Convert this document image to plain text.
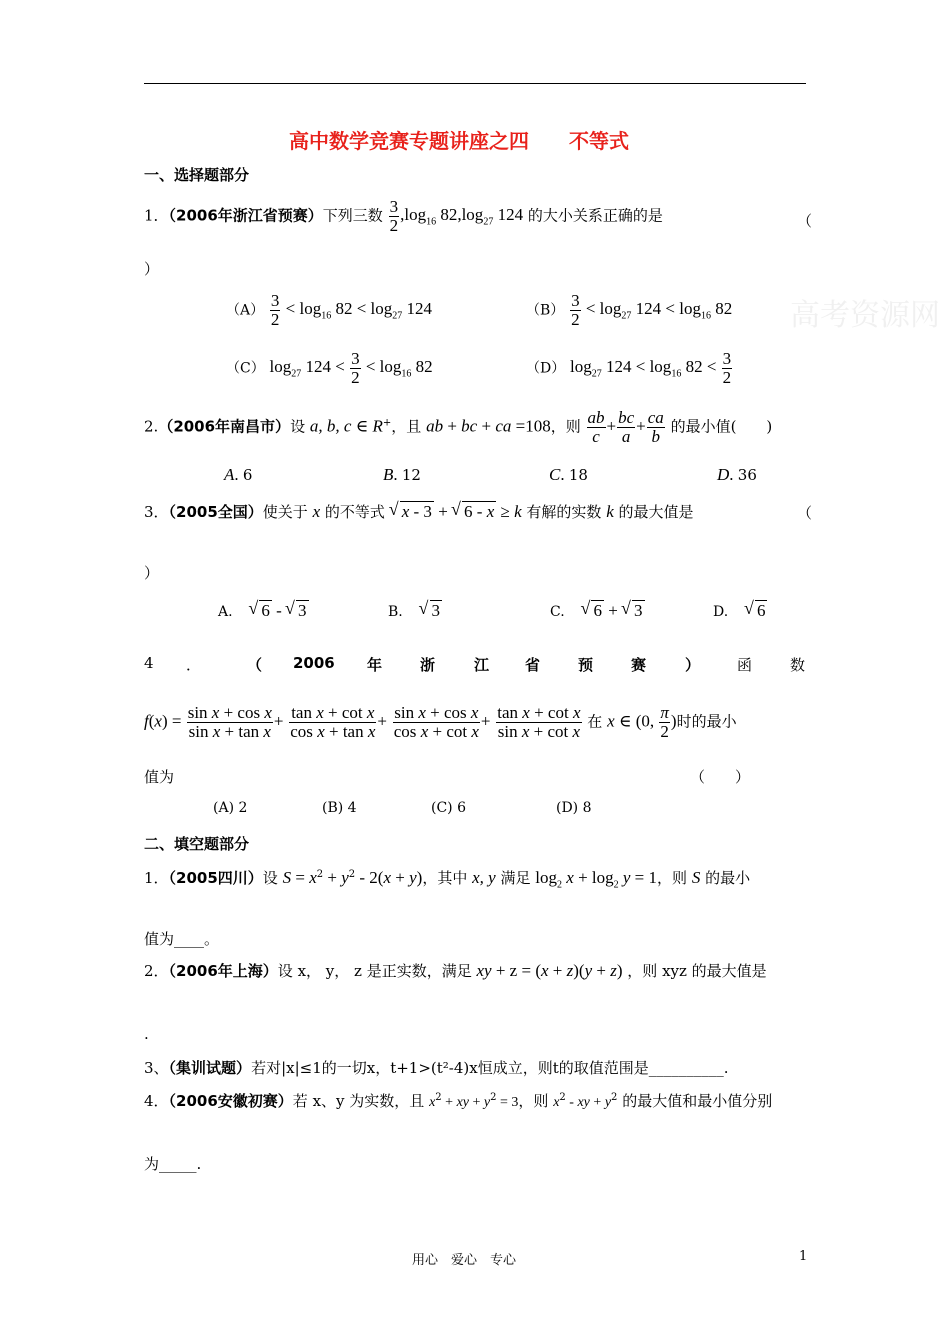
高中数学竞赛专题讲座之四　　不等式
一、选择题部分
1．（2006年浙江省预赛）下列三数 $\frac{3}{2} ,\log_{16}$ $82,\log_{27}$ 124 的大小关系正确的是	（
）
$(A) \frac{3}{2} < \log_{16} 82 < \log_{27} 124$	$(B) \frac{3}{2} < \log_{27} 124 < \log_{16} 82$
（C） $\log_{27} 124 < \frac{3}{2} < \log_{16} 82$	（D） $\log_{27} 124 < \log_{16} 82 < \frac{3}{2}$
高考资源网
2.（2006年南昌市）设 a, b, c ∈ R+，且 ab + bc + ca =108，则 $\frac{ab}{c} + \frac{bc}{a} + \frac{ca}{b}$ 的最小值(　　)
A. 6	B. 12	C. 18	D. 36
3．（2005全国）使关于 x 的不等式 √ x - 3 + √ 6 - x ≥ k 有解的实数 k 的最大值是	（
）
A. √ 6 - √ 3	B. √ 3	C. √ 6 + √ 3	D. √ 6
4 ．	（ 2006 年	浙	江 省	预	赛	） 函	数
$f(x) = \frac{\text{sin x + cos x}}{\text{sin x + tan x}} + \frac{\text{tan x + cot x}}{\text{cos x + tan x}} + \frac{\text{sin x + cos x}}{\text{cos x + cot x}} + \frac{\text{tan x + cot x}}{\text{sin x + cot x}}$ 在 x ∈ (0, $\frac{\pi}{2}$ )时的最小
值为	（　　）
(A) 2	(B) 4	(C) 6	(D) 8
二、填空题部分
1．（2005四川）设 $S = x^2 + y^2 - 2(x + y)$，其中 x, y 满足 $\log_2 x + \log_2 y = 1$，则 S 的最小
值为____。
2．（2006年上海）设 x， y， z 是正实数，满足 xy + z = (x + z)(y + z) ，则 xyz 的最大值是
.
3、（集训试题）若对|x|≤1的一切x，t+1>(t²-4)x恒成立，则t的取值范围是__________.
4．（2006安徽初赛）若 x、y 为实数，且 $x^2$ + xy + $y^2 = 3$，则 $x^2$ - xy + $y^2$ 的最大值和最小值分别
为_____.
用心　爱心　专心	1
